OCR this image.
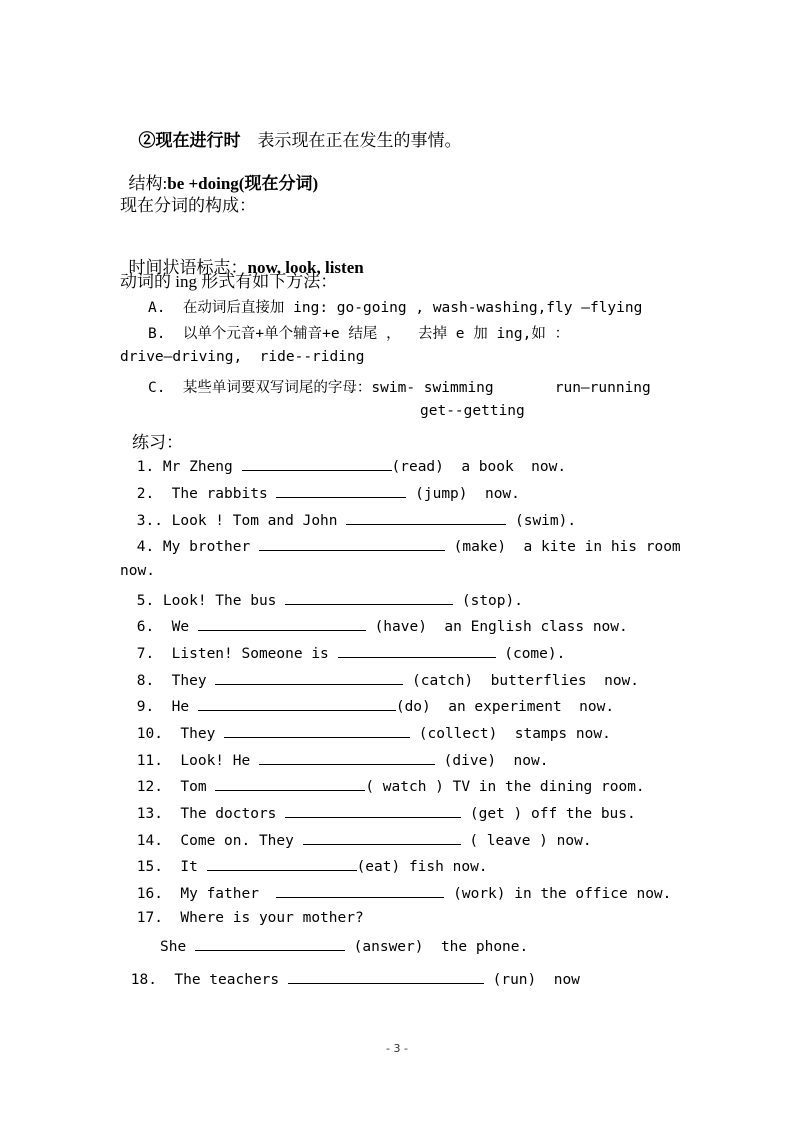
②现在进行时 表示现在正在发生的事情。

结构:be +doing(现在分词)

现在分词的构成：

时间状语标志：now, look, listen

动词的 ing 形式有如下方法：
A.  在动词后直接加 ing: go-going , wash-washing,fly —flying
B.  以单个元音+单个辅音+e 结尾 ，  去掉 e 加 ing,如 ：
drive—driving,  ride--riding
C.  某些单词要双写词尾的字母：swim- swimming       run—running
get--getting
练习：
1. Mr Zheng	(read)  a book  now.
2.  The rabbits	(jump)  now.
3.. Look ! Tom and John	(swim).
4. My brother	(make)  a kite in his room
now.
5. Look! The bus	(stop).
6.  We	(have)  an English class now.
7.  Listen! Someone is	(come).
8.  They	(catch)  butterflies  now.
9.  He	(do)  an experiment  now.
10.  They	(collect)  stamps now.
11.  Look! He	(dive)  now.
12.  Tom	( watch ) TV in the dining room.
13.  The doctors	(get ) off the bus.
14.  Come on. They	( leave ) now.
15.  It	(eat) fish now.
16.  My father	(work) in the office now.
17.  Where is your mother?
She	(answer)  the phone.
18.  The teachers	(run)  now
- 3 -
